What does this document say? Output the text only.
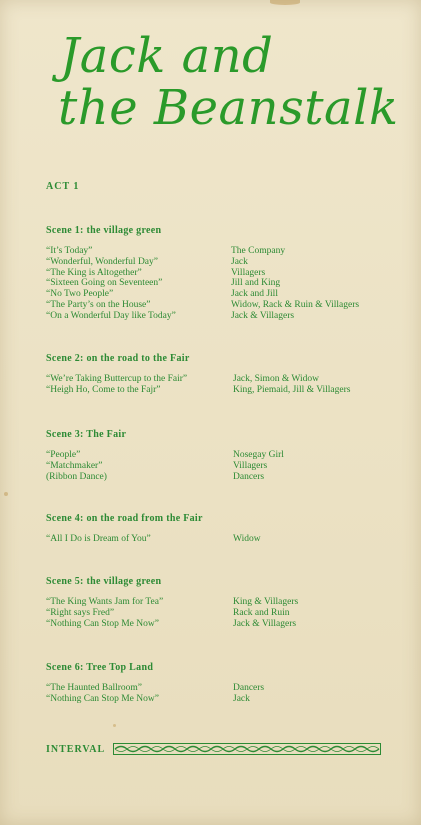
Jack and
the Beanstalk
ACT 1
Scene 1: the village green
“It’s Today”	The Company
“Wonderful, Wonderful Day”	Jack
“The King is Altogether”	Villagers
“Sixteen Going on Seventeen”	Jill and King
“No Two People”	Jack and Jill
“The Party’s on the House”	Widow, Rack & Ruin & Villagers
“On a Wonderful Day like Today”	Jack & Villagers
Scene 2: on the road to the Fair
“We’re Taking Buttercup to the Fair”	Jack, Simon & Widow
“Heigh Ho, Come to the Fajr”	King, Piemaid, Jill & Villagers
Scene 3: The Fair
“People”	Nosegay Girl
“Matchmaker”	Villagers
(Ribbon Dance)	Dancers
Scene 4: on the road from the Fair
“All I Do is Dream of You”	Widow
Scene 5: the village green
“The King Wants Jam for Tea”	King & Villagers
“Right says Fred”	Rack and Ruin
“Nothing Can Stop Me Now”	Jack & Villagers
Scene 6: Tree Top Land
“The Haunted Ballroom”	Dancers
“Nothing Can Stop Me Now”	Jack
INTERVAL
